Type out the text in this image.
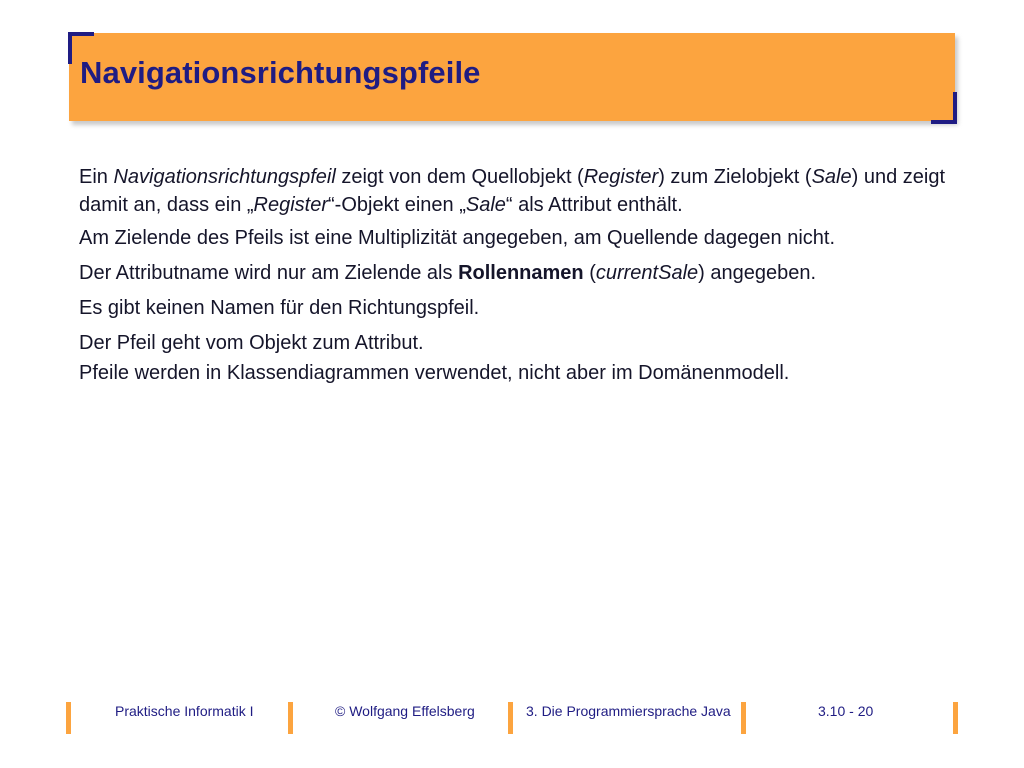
Navigationsrichtungspfeile

Ein Navigationsrichtungspfeil zeigt von dem Quellobjekt (Register) zum Zielobjekt (Sale) und zeigt damit an, dass ein „Register“-Objekt einen „Sale“ als Attribut enthält.

Am Zielende des Pfeils ist eine Multiplizität angegeben, am Quellende dagegen nicht.

Der Attributname wird nur am Zielende als Rollennamen (currentSale) angegeben.

Es gibt keinen Namen für den Richtungspfeil.

Der Pfeil geht vom Objekt zum Attribut.

Pfeile werden in Klassendiagrammen verwendet, nicht aber im Domänenmodell.

Praktische Informatik I	© Wolfgang Effelsberg	3. Die Programmiersprache Java	3.10 - 20
